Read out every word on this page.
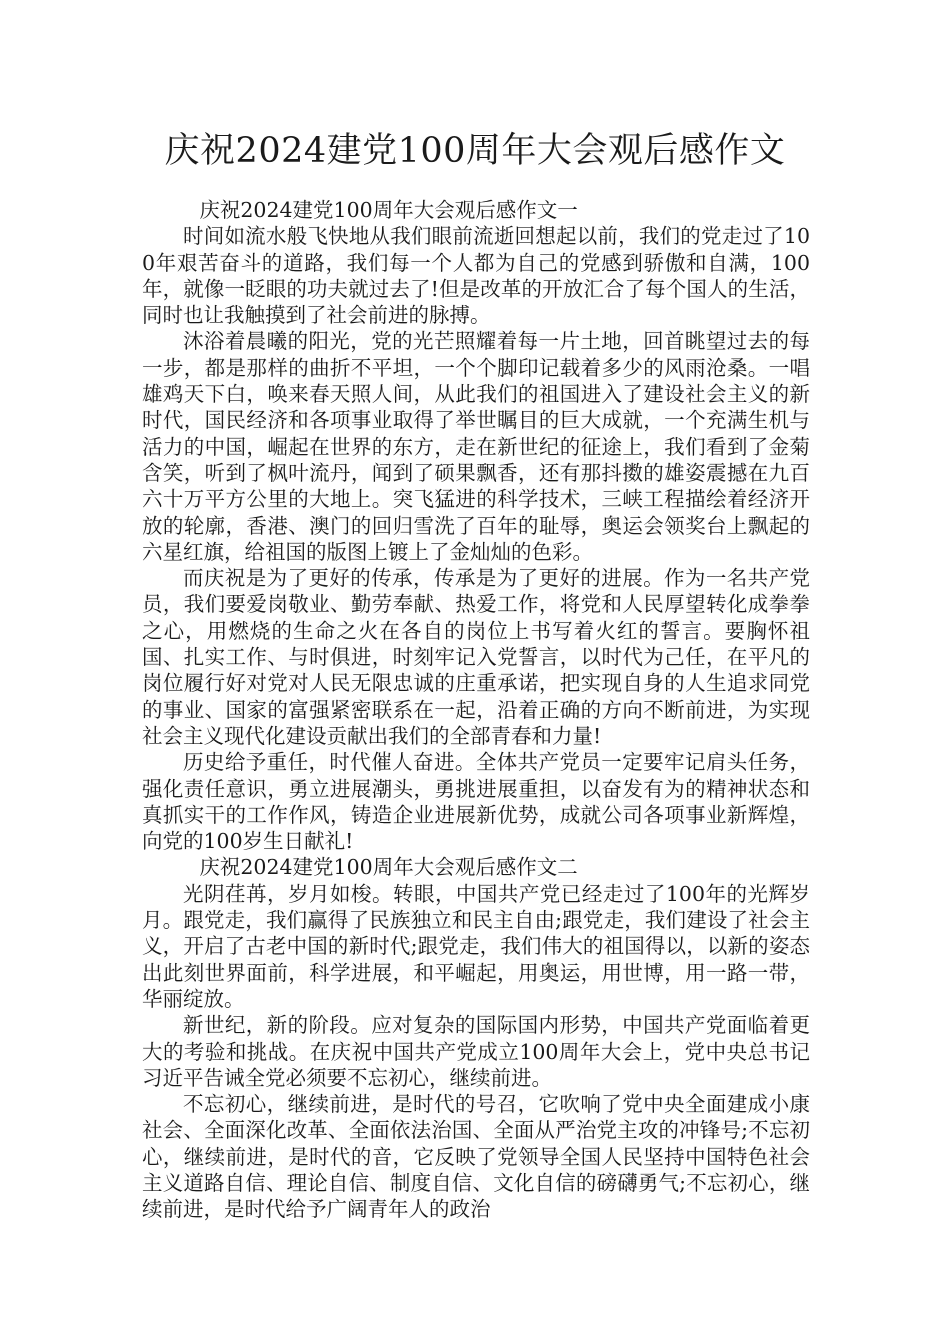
庆祝2024建党100周年大会观后感作文

庆祝2024建党100周年大会观后感作文一

时间如流水般飞快地从我们眼前流逝回想起以前，我们的党走过了100年艰苦奋斗的道路，我们每一个人都为自己的党感到骄傲和自满，100年，就像一眨眼的功夫就过去了!但是改革的开放汇合了每个国人的生活，同时也让我触摸到了社会前进的脉搏。

沐浴着晨曦的阳光，党的光芒照耀着每一片土地，回首眺望过去的每一步，都是那样的曲折不平坦，一个个脚印记载着多少的风雨沧桑。一唱雄鸡天下白，唤来春天照人间，从此我们的祖国进入了建设社会主义的新时代，国民经济和各项事业取得了举世瞩目的巨大成就，一个充满生机与活力的中国，崛起在世界的东方，走在新世纪的征途上，我们看到了金菊含笑，听到了枫叶流丹，闻到了硕果飘香，还有那抖擞的雄姿震撼在九百六十万平方公里的大地上。突飞猛进的科学技术，三峡工程描绘着经济开放的轮廓，香港、澳门的回归雪洗了百年的耻辱，奥运会领奖台上飘起的六星红旗，给祖国的版图上镀上了金灿灿的色彩。

而庆祝是为了更好的传承，传承是为了更好的进展。作为一名共产党员，我们要爱岗敬业、勤劳奉献、热爱工作，将党和人民厚望转化成拳拳之心，用燃烧的生命之火在各自的岗位上书写着火红的誓言。要胸怀祖国、扎实工作、与时俱进，时刻牢记入党誓言，以时代为己任，在平凡的岗位履行好对党对人民无限忠诚的庄重承诺，把实现自身的人生追求同党的事业、国家的富强紧密联系在一起，沿着正确的方向不断前进，为实现社会主义现代化建设贡献出我们的全部青春和力量!

历史给予重任，时代催人奋进。全体共产党员一定要牢记肩头任务，强化责任意识，勇立进展潮头，勇挑进展重担，以奋发有为的精神状态和真抓实干的工作作风，铸造企业进展新优势，成就公司各项事业新辉煌，向党的100岁生日献礼!

庆祝2024建党100周年大会观后感作文二

光阴荏苒，岁月如梭。转眼，中国共产党已经走过了100年的光辉岁月。跟党走，我们赢得了民族独立和民主自由;跟党走，我们建设了社会主义，开启了古老中国的新时代;跟党走，我们伟大的祖国得以，以新的姿态出此刻世界面前，科学进展，和平崛起，用奥运，用世博，用一路一带，华丽绽放。

新世纪，新的阶段。应对复杂的国际国内形势，中国共产党面临着更大的考验和挑战。在庆祝中国共产党成立100周年大会上，党中央总书记习近平告诫全党必须要不忘初心，继续前进。

不忘初心，继续前进，是时代的号召，它吹响了党中央全面建成小康社会、全面深化改革、全面依法治国、全面从严治党主攻的冲锋号;不忘初心，继续前进，是时代的音，它反映了党领导全国人民坚持中国特色社会主义道路自信、理论自信、制度自信、文化自信的磅礴勇气;不忘初心，继续前进，是时代给予广阔青年人的政治
